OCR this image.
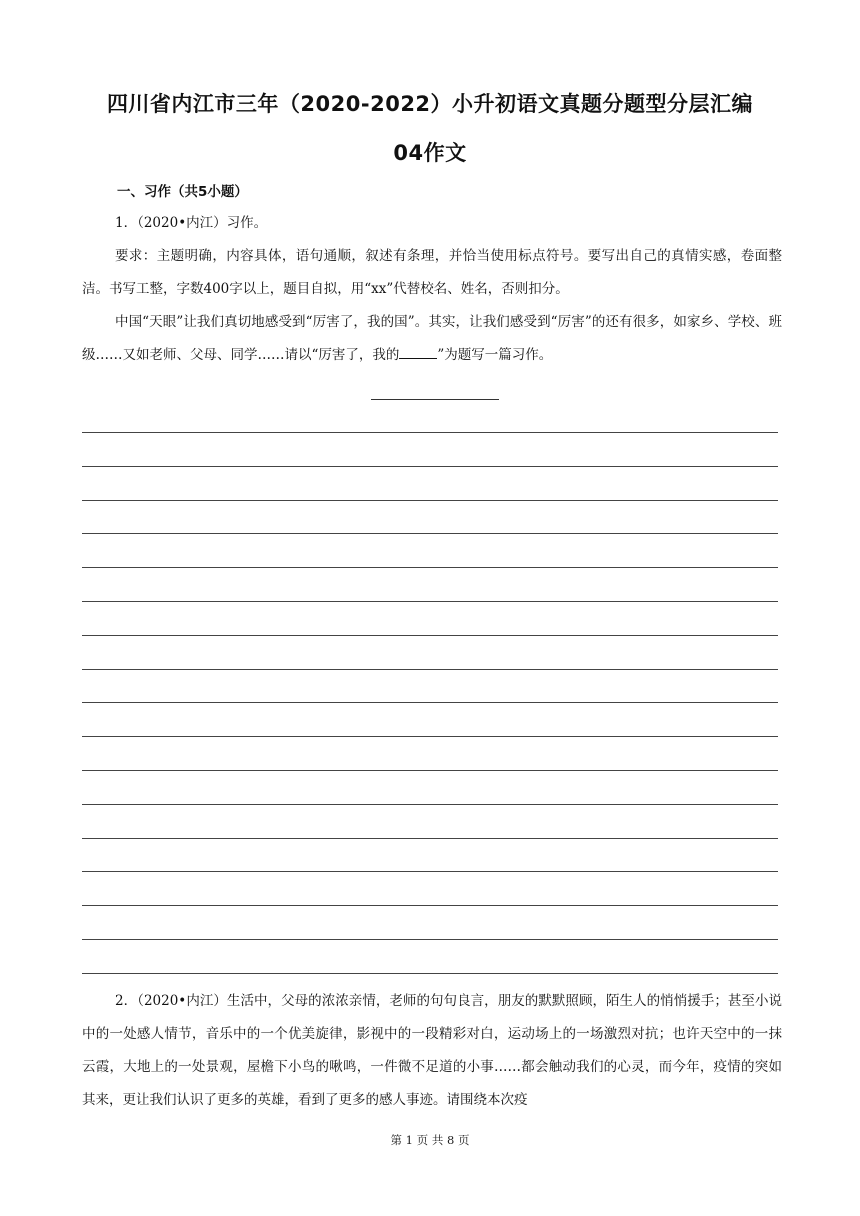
四川省内江市三年（2020-2022）小升初语文真题分题型分层汇编
04作文
一、习作（共5小题）
1．（2020•内江）习作。
要求：主题明确，内容具体，语句通顺，叙述有条理，并恰当使用标点符号。要写出自己的真情实感，卷面整洁。书写工整，字数400字以上，题目自拟，用“xx”代替校名、姓名，否则扣分。
中国“天眼”让我们真切地感受到“厉害了，我的国”。其实，让我们感受到“厉害”的还有很多，如家乡、学校、班级……又如老师、父母、同学……请以“厉害了，我的	”为题写一篇习作。
2．（2020•内江）生活中，父母的浓浓亲情，老师的句句良言，朋友的默默照顾，陌生人的悄悄援手；甚至小说中的一处感人情节，音乐中的一个优美旋律，影视中的一段精彩对白，运动场上的一场激烈对抗；也许天空中的一抹云霞，大地上的一处景观，屋檐下小鸟的啾鸣，一件微不足道的小事……都会触动我们的心灵，而今年，疫情的突如其来，更让我们认识了更多的英雄，看到了更多的感人事迹。请围绕本次疫
第 1 页 共 8 页
